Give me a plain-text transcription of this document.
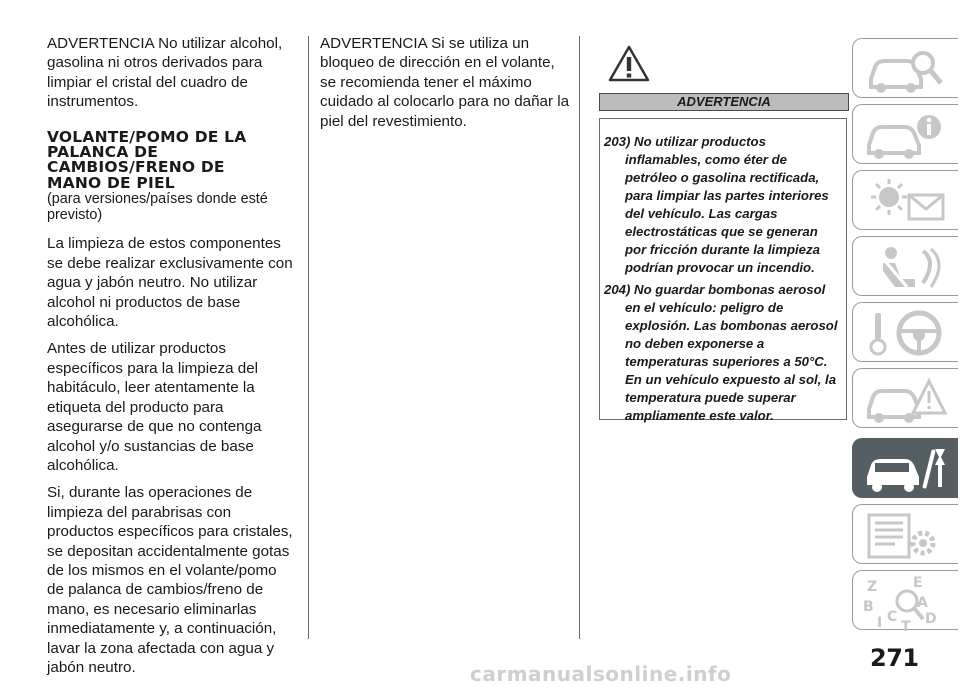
ADVERTENCIA No utilizar alcohol, gasolina ni otros derivados para limpiar el cristal del cuadro de instrumentos.

VOLANTE/POMO DE LA
PALANCA DE
CAMBIOS/FRENO DE
MANO DE PIEL

(para versiones/países donde esté previsto)

La limpieza de estos componentes se debe realizar exclusivamente con agua y jabón neutro. No utilizar alcohol ni productos de base alcohólica.

Antes de utilizar productos específicos para la limpieza del habitáculo, leer atentamente la etiqueta del producto para asegurarse de que no contenga alcohol y/o sustancias de base alcohólica.

Si, durante las operaciones de limpieza del parabrisas con productos específicos para cristales, se depositan accidentalmente gotas de los mismos en el volante/pomo de palanca de cambios/freno de mano, es necesario eliminarlas inmediatamente y, a continuación, lavar la zona afectada con agua y jabón neutro.

ADVERTENCIA Si se utiliza un bloqueo de dirección en el volante, se recomienda tener el máximo cuidado al colocarlo para no dañar la piel del revestimiento.

ADVERTENCIA

203) No utilizar productos inflamables, como éter de petróleo o gasolina rectificada, para limpiar las partes interiores del vehículo. Las cargas electrostáticas que se generan por fricción durante la limpieza podrían provocar un incendio.

204) No guardar bombonas aerosol en el vehículo: peligro de explosión. Las bombonas aerosol no deben exponerse a temperaturas superiores a 50°C. En un vehículo expuesto al sol, la temperatura puede superar ampliamente este valor.

Z	E
B	A
I C
T D
271
carmanualsonline.info
